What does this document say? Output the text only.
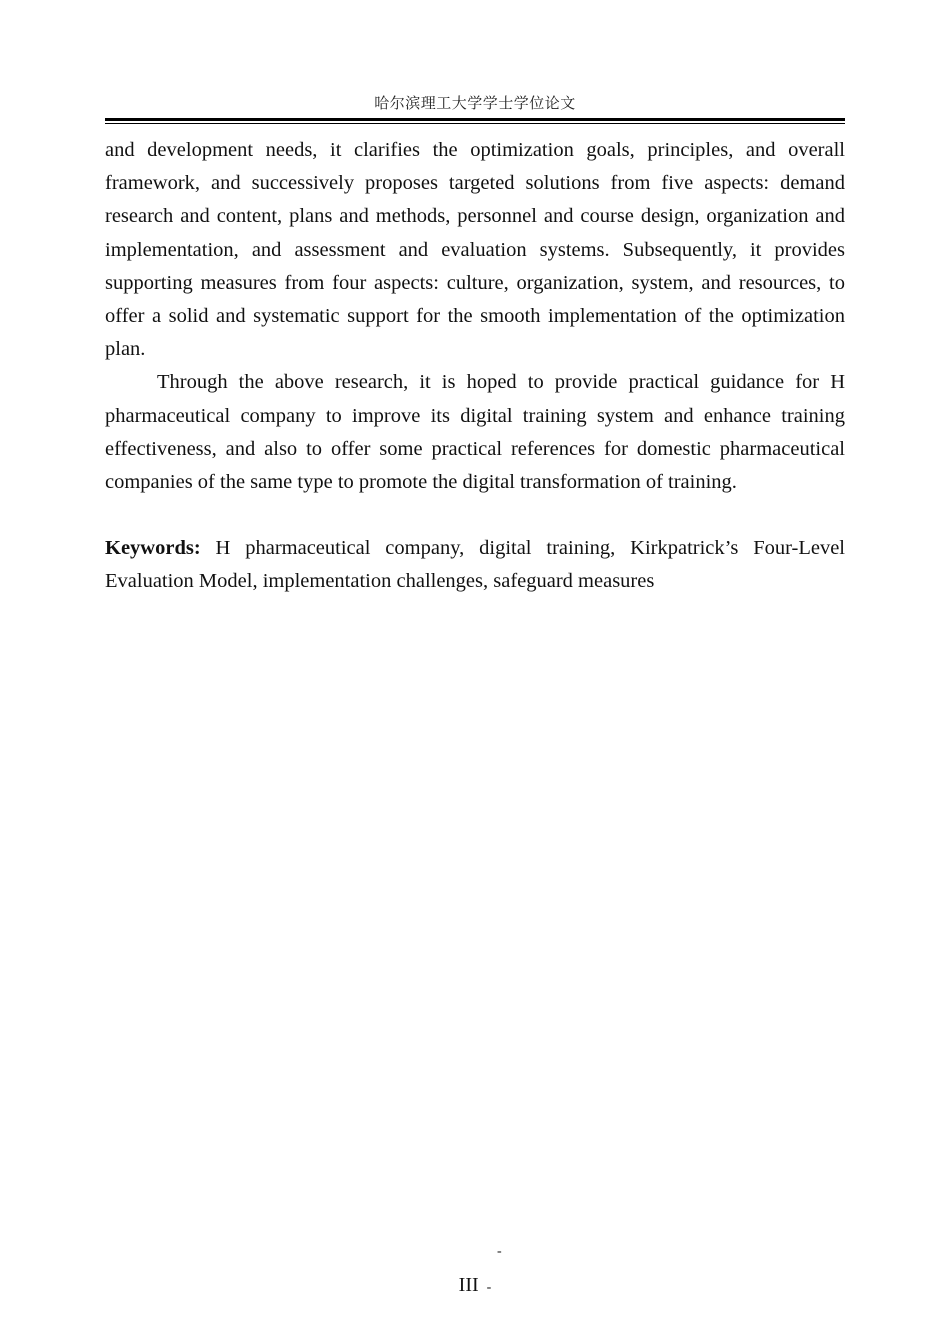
哈尔滨理工大学学士学位论文

and development needs, it clarifies the optimization goals, principles, and overall framework, and successively proposes targeted solutions from five aspects: demand research and content, plans and methods, personnel and course design, organization and implementation, and assessment and evaluation systems. Subsequently, it provides supporting measures from four aspects: culture, organization, system, and resources, to offer a solid and systematic support for the smooth implementation of the optimization plan.

Through the above research, it is hoped to provide practical guidance for H pharmaceutical company to improve its digital training system and enhance training effectiveness, and also to offer some practical references for domestic pharmaceutical companies of the same type to promote the digital transformation of training.

Keywords: H pharmaceutical company, digital training, Kirkpatrick’s Four-Level Evaluation Model, implementation challenges, safeguard measures

-
III -
